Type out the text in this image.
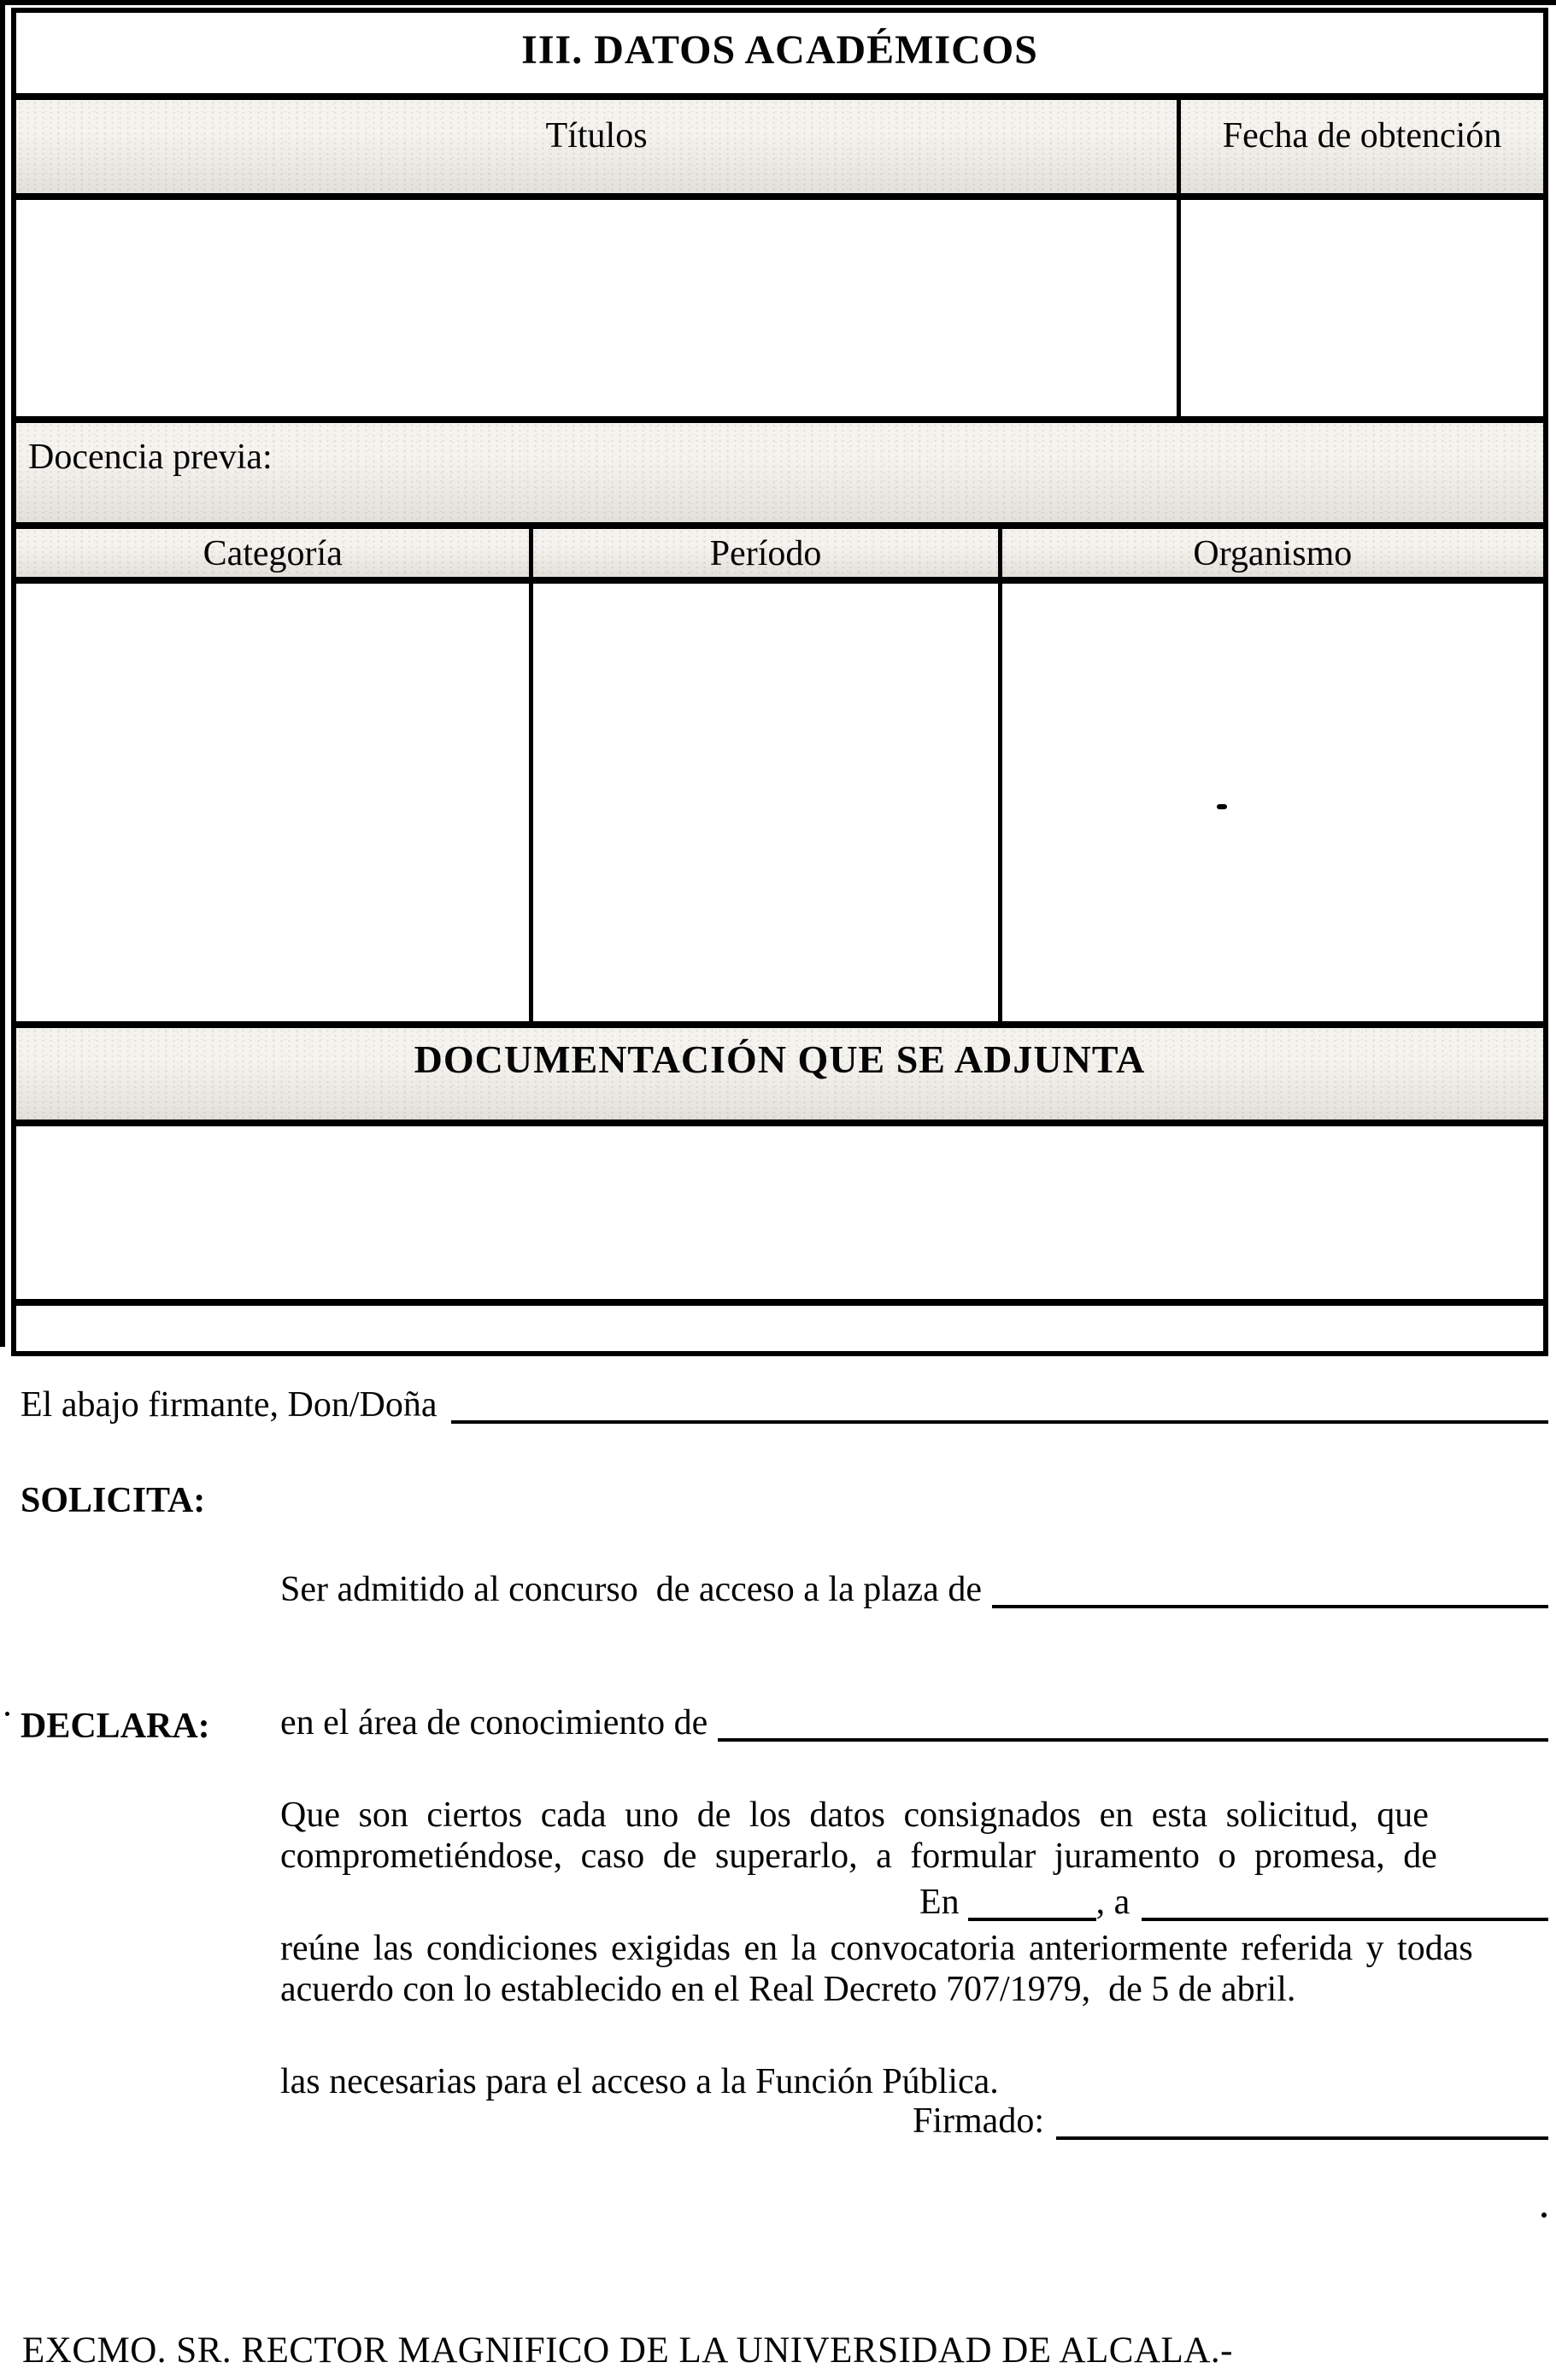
III. DATOS ACADÉMICOS
Títulos	Fecha de obtención
Docencia previa:
Categoría	Período	Organismo
DOCUMENTACIÓN QUE SE ADJUNTA
El abajo firmante, Don/Doña
SOLICITA:

Ser admitido al concurso  de acceso a la plaza de

en el área de conocimiento de

comprometiéndose, caso de superarlo, a formular juramento o promesa, de

acuerdo con lo establecido en el Real Decreto 707/1979,  de 5 de abril.

DECLARA:

Que son ciertos cada uno de los datos consignados en esta solicitud, que

reúne las condiciones exigidas en la convocatoria anteriormente referida y todas

las necesarias para el acceso a la Función Pública.

En	, a
Firmado:
EXCMO. SR. RECTOR MAGNIFICO DE LA UNIVERSIDAD DE ALCALA.-
